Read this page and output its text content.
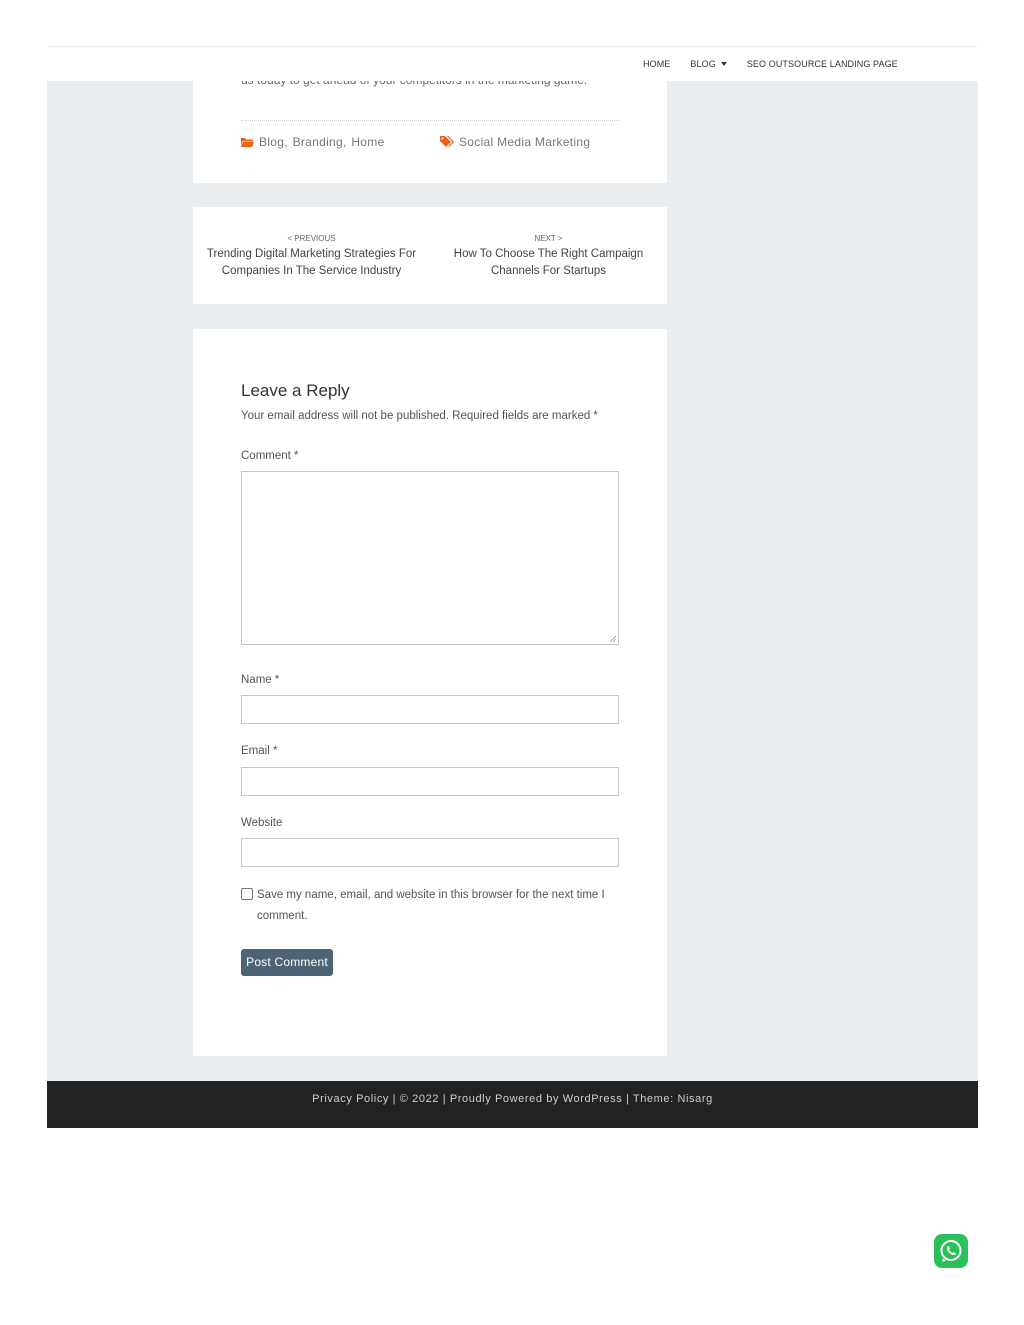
HOME BLOG	SEO OUTSOURCE LANDING PAGE
Blog , Branding , Home	Social Media Marketing
< PREVIOUS
Trending Digital Marketing Strategies For Companies In The Service Industry
NEXT >
How To Choose The Right Campaign Channels For Startups
Leave a Reply
Your email address will not be published. Required fields are marked *
Comment *
Name *
Email *
Website
Save my name, email, and website in this browser for the next time I comment.
Post Comment
Privacy Policy | © 2022 | Proudly Powered by WordPress | Theme: Nisarg
